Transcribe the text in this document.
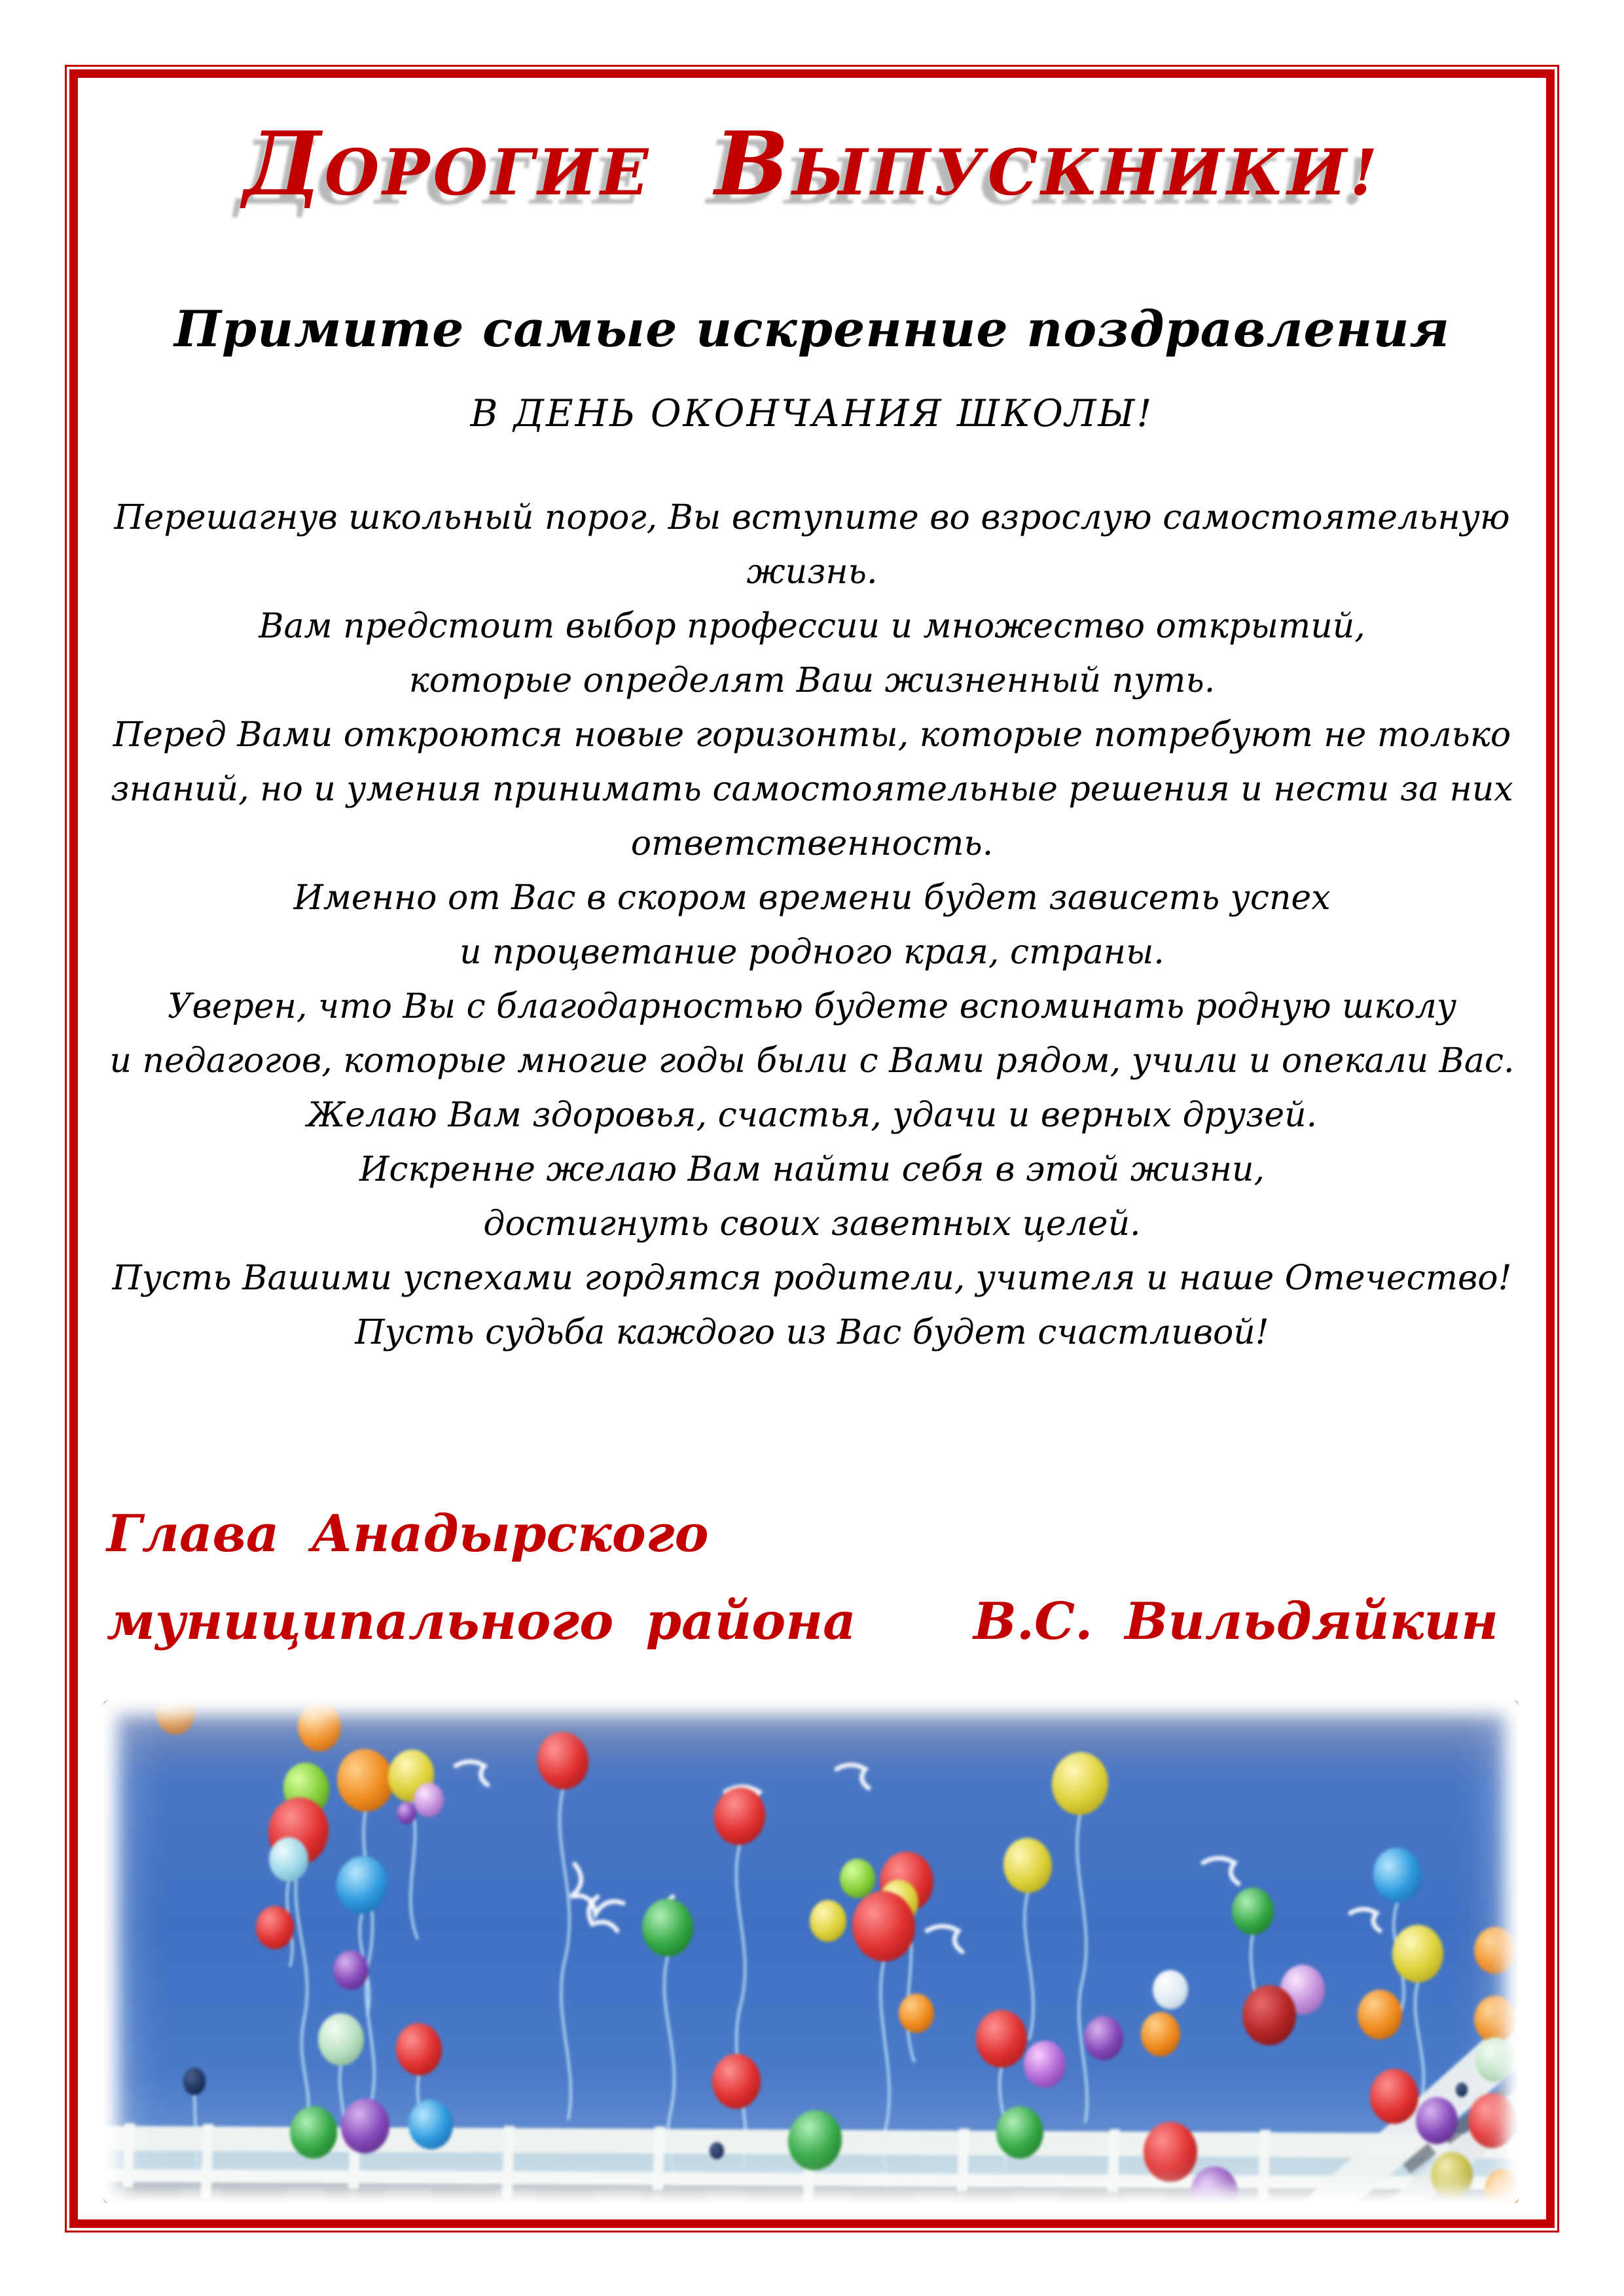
ДОРОГИЕ ВЫПУСКНИКИ!
Примите самые искренние поздравления
В ДЕНЬ ОКОНЧАНИЯ ШКОЛЫ!
Перешагнув школьный порог, Вы вступите во взрослую самостоятельную жизнь.
Вам предстоит выбор профессии и множество открытий,
которые определят Ваш жизненный путь.
Перед Вами откроются новые горизонты, которые потребуют не только
знаний, но и умения принимать самостоятельные решения и нести за них
ответственность.
Именно от Вас в скором времени будет зависеть успех
и процветание родного края, страны.
Уверен, что Вы с благодарностью будете вспоминать родную школу
и педагогов, которые многие годы были с Вами рядом, учили и опекали Вас.
Желаю Вам здоровья, счастья, удачи и верных друзей.
Искренне желаю Вам найти себя в этой жизни,
достигнуть своих заветных целей.
Пусть Вашими успехами гордятся родители, учителя и наше Отечество!
Пусть судьба каждого из Вас будет счастливой!
Глава Анадырского
муниципального района В.С. Вильдяйкин
